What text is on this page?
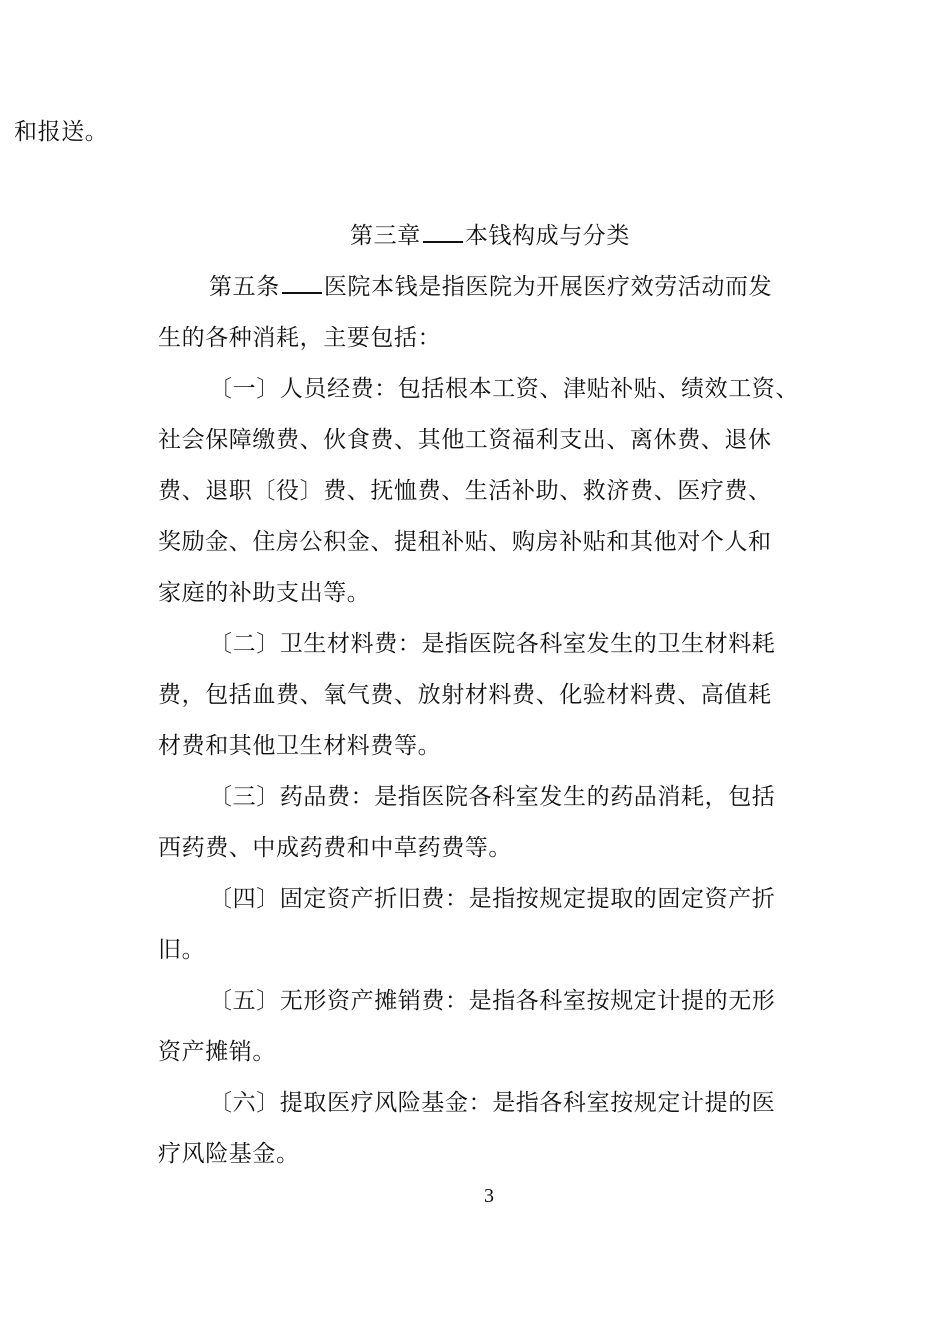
和报送。
第三章 本钱构成与分类
第五条 医院本钱是指医院为开展医疗效劳活动而发
生的各种消耗，主要包括：
〔一〕人员经费：包括根本工资、津贴补贴、绩效工资、
社会保障缴费、伙食费、其他工资福利支出、离休费、退休
费、退职〔役〕费、抚恤费、生活补助、救济费、医疗费、
奖励金、住房公积金、提租补贴、购房补贴和其他对个人和
家庭的补助支出等。
〔二〕卫生材料费：是指医院各科室发生的卫生材料耗
费，包括血费、氧气费、放射材料费、化验材料费、高值耗
材费和其他卫生材料费等。
〔三〕药品费：是指医院各科室发生的药品消耗，包括
西药费、中成药费和中草药费等。
〔四〕固定资产折旧费：是指按规定提取的固定资产折
旧。
〔五〕无形资产摊销费：是指各科室按规定计提的无形
资产摊销。
〔六〕提取医疗风险基金：是指各科室按规定计提的医
疗风险基金。
3
